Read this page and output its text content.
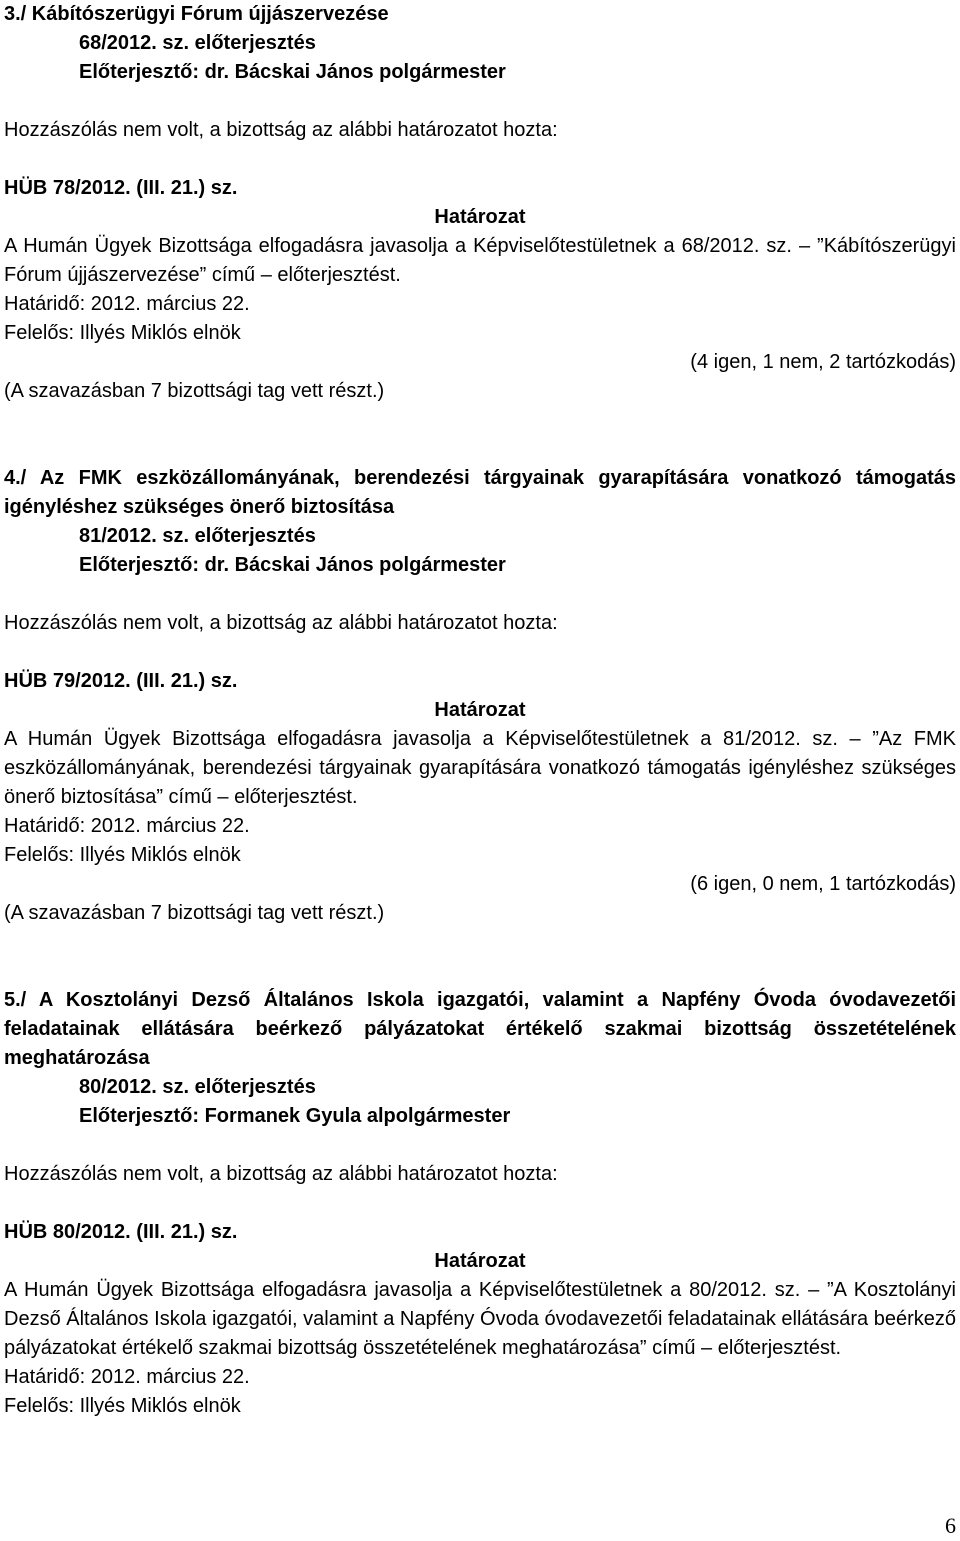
3./ Kábítószerügyi Fórum újjászervezése
68/2012. sz. előterjesztés
Előterjesztő: dr. Bácskai János polgármester
Hozzászólás nem volt, a bizottság az alábbi határozatot hozta:
HÜB 78/2012. (III. 21.) sz.
Határozat
A Humán Ügyek Bizottsága elfogadásra javasolja a Képviselőtestületnek a 68/2012. sz. – ”Kábítószerügyi Fórum újjászervezése” című – előterjesztést.
Határidő: 2012. március 22.
Felelős: Illyés Miklós elnök
(4 igen, 1 nem, 2 tartózkodás)
(A szavazásban 7 bizottsági tag vett részt.)
4./ Az FMK eszközállományának, berendezési tárgyainak gyarapítására vonatkozó támogatás igényléshez szükséges önerő biztosítása
81/2012. sz. előterjesztés
Előterjesztő: dr. Bácskai János polgármester
Hozzászólás nem volt, a bizottság az alábbi határozatot hozta:
HÜB 79/2012. (III. 21.) sz.
Határozat
A Humán Ügyek Bizottsága elfogadásra javasolja a Képviselőtestületnek a 81/2012. sz. – ”Az FMK eszközállományának, berendezési tárgyainak gyarapítására vonatkozó támogatás igényléshez szükséges önerő biztosítása” című – előterjesztést.
Határidő: 2012. március 22.
Felelős: Illyés Miklós elnök
(6 igen, 0 nem, 1 tartózkodás)
(A szavazásban 7 bizottsági tag vett részt.)
5./ A Kosztolányi Dezső Általános Iskola igazgatói, valamint a Napfény Óvoda óvodavezetői feladatainak ellátására beérkező pályázatokat értékelő szakmai bizottság összetételének meghatározása
80/2012. sz. előterjesztés
Előterjesztő: Formanek Gyula alpolgármester
Hozzászólás nem volt, a bizottság az alábbi határozatot hozta:
HÜB 80/2012. (III. 21.) sz.
Határozat
A Humán Ügyek Bizottsága elfogadásra javasolja a Képviselőtestületnek a 80/2012. sz. – ”A Kosztolányi Dezső Általános Iskola igazgatói, valamint a Napfény Óvoda óvodavezetői feladatainak ellátására beérkező pályázatokat értékelő szakmai bizottság összetételének meghatározása” című – előterjesztést.
Határidő: 2012. március 22.
Felelős: Illyés Miklós elnök
6
